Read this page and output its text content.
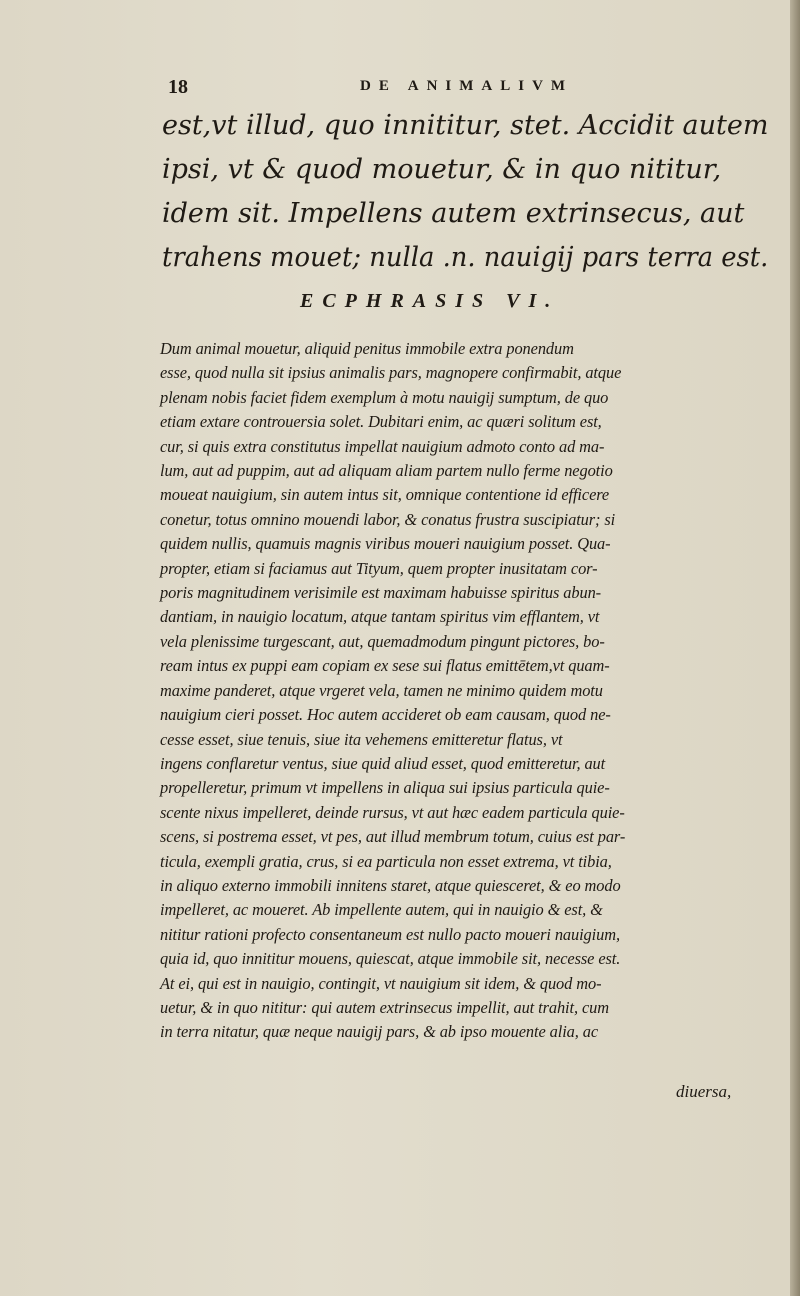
18	DE ANIMALIVM
est,vt illud, quo innititur, stet. Accidit autem
ipsi, vt & quod mouetur, & in quo nititur,
idem sit. Impellens autem extrinsecus, aut
trahens mouet; nulla .n. nauigij pars terra est.
ECPHRASIS VI.
Dum animal mouetur, aliquid penitus immobile extra ponendum
esse, quod nulla sit ipsius animalis pars, magnopere confirmabit, atque
plenam nobis faciet fidem exemplum à motu nauigij sumptum, de quo
etiam extare controuersia solet. Dubitari enim, ac quæri solitum est,
cur, si quis extra constitutus impellat nauigium admoto conto ad ma-
lum, aut ad puppim, aut ad aliquam aliam partem nullo ferme negotio
moueat nauigium, sin autem intus sit, omnique contentione id efficere
conetur, totus omnino mouendi labor, & conatus frustra suscipiatur; si
quidem nullis, quamuis magnis viribus moueri nauigium posset. Qua-
propter, etiam si faciamus aut Tityum, quem propter inusitatam cor-
poris magnitudinem verisimile est maximam habuisse spiritus abun-
dantiam, in nauigio locatum, atque tantam spiritus vim efflantem, vt
vela plenissime turgescant, aut, quemadmodum pingunt pictores, bo-
ream intus ex puppi eam copiam ex sese sui flatus emittētem,vt quam-
maxime panderet, atque vrgeret vela, tamen ne minimo quidem motu
nauigium cieri posset. Hoc autem accideret ob eam causam, quod ne-
cesse esset, siue tenuis, siue ita vehemens emitteretur flatus, vt
ingens conflaretur ventus, siue quid aliud esset, quod emitteretur, aut
propelleretur, primum vt impellens in aliqua sui ipsius particula quie-
scente nixus impelleret, deinde rursus, vt aut hæc eadem particula quie-
scens, si postrema esset, vt pes, aut illud membrum totum, cuius est par-
ticula, exempli gratia, crus, si ea particula non esset extrema, vt tibia,
in aliquo externo immobili innitens staret, atque quiesceret, & eo modo
impelleret, ac moueret. Ab impellente autem, qui in nauigio & est, &
nititur rationi profecto consentaneum est nullo pacto moueri nauigium,
quia id, quo innititur mouens, quiescat, atque immobile sit, necesse est.
At ei, qui est in nauigio, contingit, vt nauigium sit idem, & quod mo-
uetur, & in quo nititur: qui autem extrinsecus impellit, aut trahit, cum
in terra nitatur, quæ neque nauigij pars, & ab ipso mouente alia, ac
diuersa,
